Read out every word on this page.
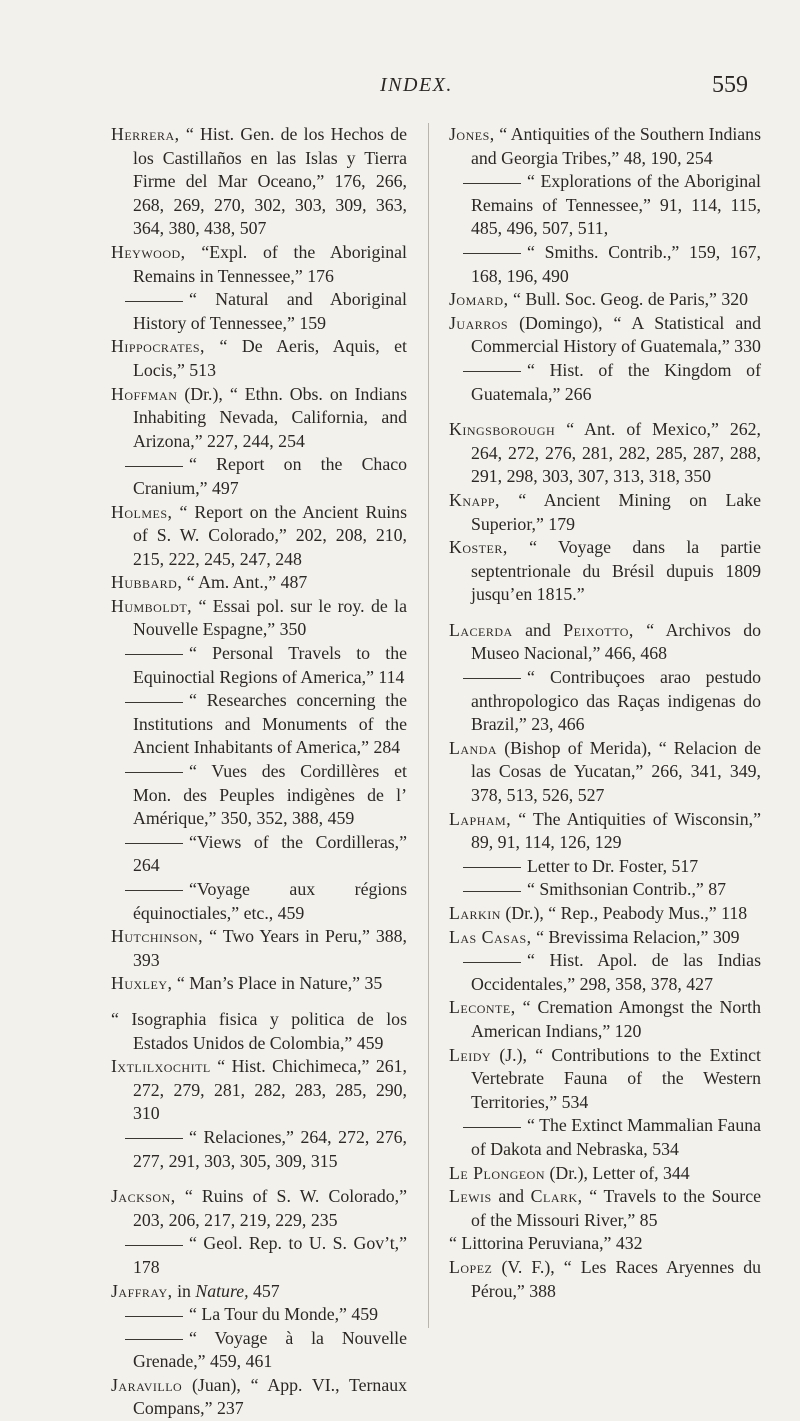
INDEX.	559
Herrera, “ Hist. Gen. de los Hechos de los Castillaños en las Islas y Tierra Firme del Mar Oceano,” 176, 266, 268, 269, 270, 302, 303, 309, 363, 364, 380, 438, 507
Heywood, “Expl. of the Aboriginal Remains in Tennessee,” 176
“ Natural and Aboriginal History of Tennessee,” 159
Hippocrates, “ De Aeris, Aquis, et Locis,” 513
Hoffman (Dr.), “ Ethn. Obs. on Indians Inhabiting Nevada, California, and Arizona,” 227, 244, 254
“ Report on the Chaco Cranium,” 497
Holmes, “ Report on the Ancient Ruins of S. W. Colorado,” 202, 208, 210, 215, 222, 245, 247, 248
Hubbard, “ Am. Ant.,” 487
Humboldt, “ Essai pol. sur le roy. de la Nouvelle Espagne,” 350
“ Personal Travels to the Equinoctial Regions of America,” 114
“ Researches concerning the Institutions and Monuments of the Ancient Inhabitants of America,” 284
“ Vues des Cordillères et Mon. des Peuples indigènes de l’ Amérique,” 350, 352, 388, 459
“Views of the Cordilleras,” 264
“Voyage aux régions équinoctiales,” etc., 459
Hutchinson, “ Two Years in Peru,” 388, 393
Huxley, “ Man’s Place in Nature,” 35
“ Isographia fisica y politica de los Estados Unidos de Colombia,” 459
Ixtlilxochitl “ Hist. Chichimeca,” 261, 272, 279, 281, 282, 283, 285, 290, 310
“ Relaciones,” 264, 272, 276, 277, 291, 303, 305, 309, 315
Jackson, “ Ruins of S. W. Colorado,” 203, 206, 217, 219, 229, 235
“ Geol. Rep. to U. S. Gov’t,” 178
Jaffray, in Nature, 457
“ La Tour du Monde,” 459
“ Voyage à la Nouvelle Grenade,” 459, 461
Jaravillo (Juan), “ App. VI., Ternaux Compans,” 237
Jones, “ Antiquities of the Southern Indians and Georgia Tribes,” 48, 190, 254
“ Explorations of the Aboriginal Remains of Tennessee,” 91, 114, 115, 485, 496, 507, 511,
“ Smiths. Contrib.,” 159, 167, 168, 196, 490
Jomard, “ Bull. Soc. Geog. de Paris,” 320
Juarros (Domingo), “ A Statistical and Commercial History of Guatemala,” 330
“ Hist. of the Kingdom of Guatemala,” 266
Kingsborough “ Ant. of Mexico,” 262, 264, 272, 276, 281, 282, 285, 287, 288, 291, 298, 303, 307, 313, 318, 350
Knapp, “ Ancient Mining on Lake Superior,” 179
Koster, “ Voyage dans la partie septentrionale du Brésil dupuis 1809 jusqu’en 1815.”
Lacerda and Peixotto, “ Archivos do Museo Nacional,” 466, 468
“ Contribuçoes arao pestudo anthropologico das Raças indigenas do Brazil,” 23, 466
Landa (Bishop of Merida), “ Relacion de las Cosas de Yucatan,” 266, 341, 349, 378, 513, 526, 527
Lapham, “ The Antiquities of Wisconsin,” 89, 91, 114, 126, 129
Letter to Dr. Foster, 517
“ Smithsonian Contrib.,” 87
Larkin (Dr.), “ Rep., Peabody Mus.,” 118
Las Casas, “ Brevissima Relacion,” 309
“ Hist. Apol. de las Indias Occidentales,” 298, 358, 378, 427
Leconte, “ Cremation Amongst the North American Indians,” 120
Leidy (J.), “ Contributions to the Extinct Vertebrate Fauna of the Western Territories,” 534
“ The Extinct Mammalian Fauna of Dakota and Nebraska, 534
Le Plongeon (Dr.), Letter of, 344
Lewis and Clark, “ Travels to the Source of the Missouri River,” 85
“ Littorina Peruviana,” 432
Lopez (V. F.), “ Les Races Aryennes du Pérou,” 388
